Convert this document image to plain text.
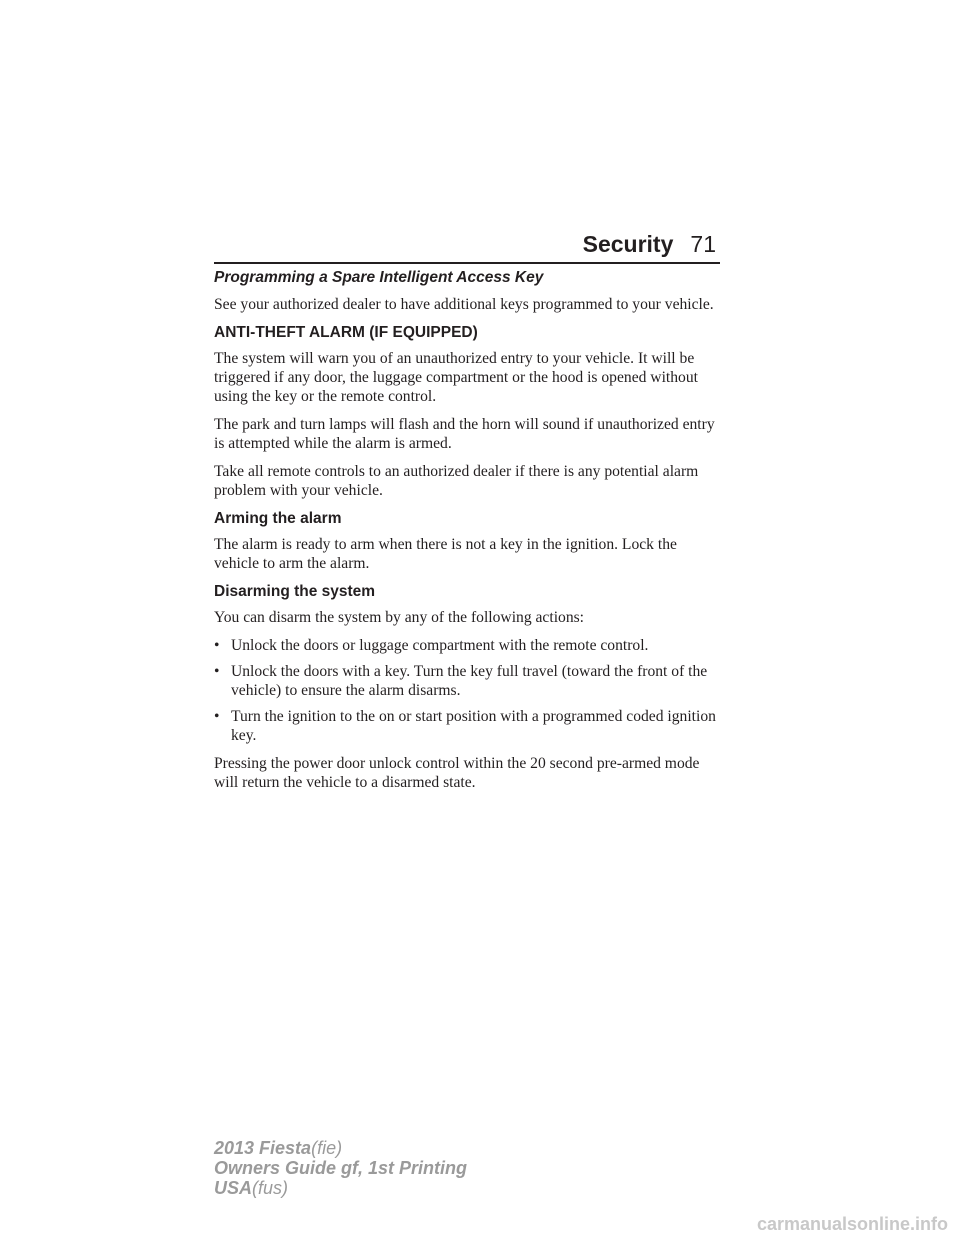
Security 71
Programming a Spare Intelligent Access Key

See your authorized dealer to have additional keys programmed to your vehicle.

ANTI-THEFT ALARM (IF EQUIPPED)

The system will warn you of an unauthorized entry to your vehicle. It will be triggered if any door, the luggage compartment or the hood is opened without using the key or the remote control.

The park and turn lamps will flash and the horn will sound if unauthorized entry is attempted while the alarm is armed.

Take all remote controls to an authorized dealer if there is any potential alarm problem with your vehicle.

Arming the alarm

The alarm is ready to arm when there is not a key in the ignition. Lock the vehicle to arm the alarm.

Disarming the system

You can disarm the system by any of the following actions:

• Unlock the doors or luggage compartment with the remote control.
• Unlock the doors with a key. Turn the key full travel (toward the front of the vehicle) to ensure the alarm disarms.
• Turn the ignition to the on or start position with a programmed coded ignition key.

Pressing the power door unlock control within the 20 second pre-armed mode will return the vehicle to a disarmed state.

2013 Fiesta(fie)
Owners Guide gf, 1st Printing
USA(fus)
carmanualsonline.info
